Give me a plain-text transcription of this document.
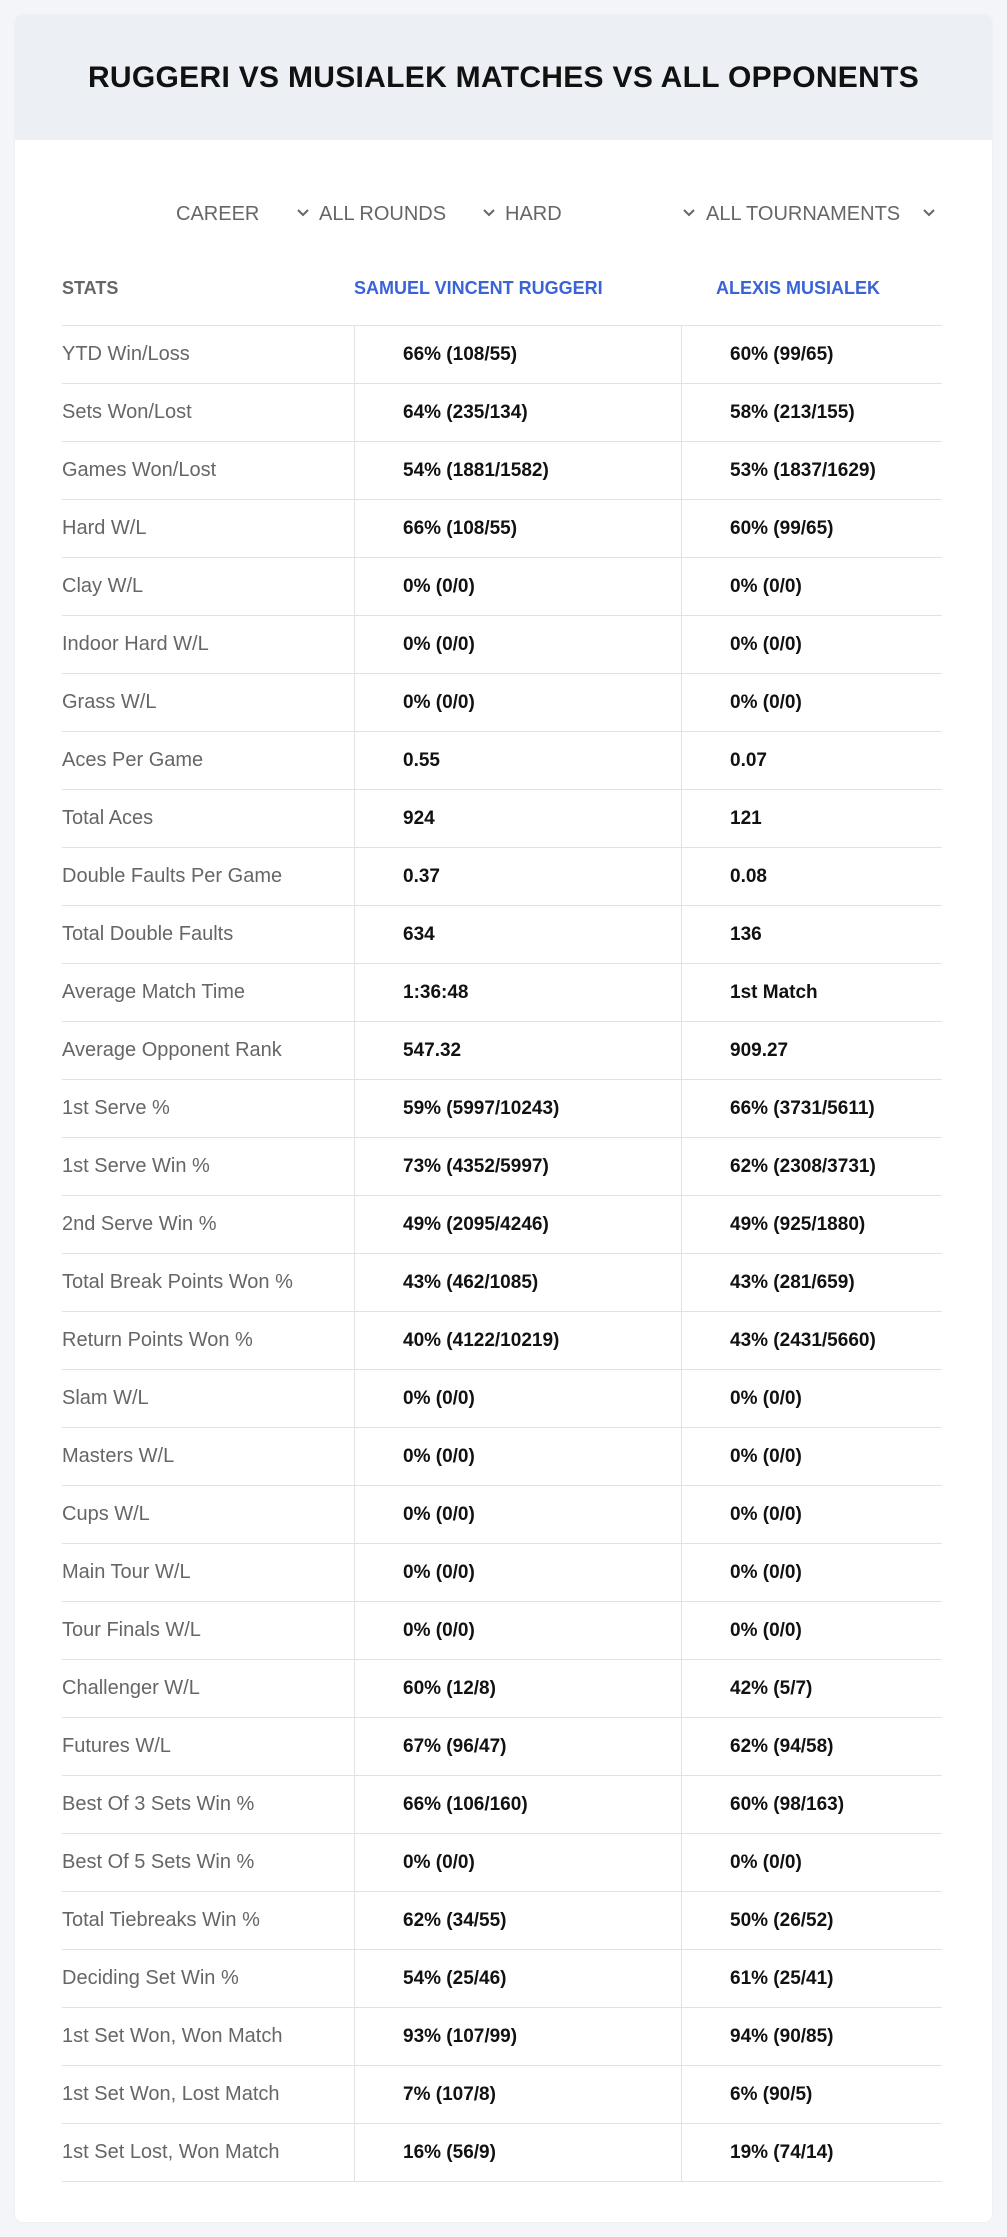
RUGGERI VS MUSIALEK MATCHES VS ALL OPPONENTS
CAREER	ALL ROUNDS	HARD	ALL TOURNAMENTS
STATS	SAMUEL VINCENT RUGGERI	ALEXIS MUSIALEK
YTD Win/Loss	66% (108/55)	60% (99/65)
Sets Won/Lost	64% (235/134)	58% (213/155)
Games Won/Lost	54% (1881/1582)	53% (1837/1629)
Hard W/L	66% (108/55)	60% (99/65)
Clay W/L	0% (0/0)	0% (0/0)
Indoor Hard W/L	0% (0/0)	0% (0/0)
Grass W/L	0% (0/0)	0% (0/0)
Aces Per Game	0.55	0.07
Total Aces	924	121
Double Faults Per Game	0.37	0.08
Total Double Faults	634	136
Average Match Time	1:36:48	1st Match
Average Opponent Rank	547.32	909.27
1st Serve %	59% (5997/10243)	66% (3731/5611)
1st Serve Win %	73% (4352/5997)	62% (2308/3731)
2nd Serve Win %	49% (2095/4246)	49% (925/1880)
Total Break Points Won %	43% (462/1085)	43% (281/659)
Return Points Won %	40% (4122/10219)	43% (2431/5660)
Slam W/L	0% (0/0)	0% (0/0)
Masters W/L	0% (0/0)	0% (0/0)
Cups W/L	0% (0/0)	0% (0/0)
Main Tour W/L	0% (0/0)	0% (0/0)
Tour Finals W/L	0% (0/0)	0% (0/0)
Challenger W/L	60% (12/8)	42% (5/7)
Futures W/L	67% (96/47)	62% (94/58)
Best Of 3 Sets Win %	66% (106/160)	60% (98/163)
Best Of 5 Sets Win %	0% (0/0)	0% (0/0)
Total Tiebreaks Win %	62% (34/55)	50% (26/52)
Deciding Set Win %	54% (25/46)	61% (25/41)
1st Set Won, Won Match	93% (107/99)	94% (90/85)
1st Set Won, Lost Match	7% (107/8)	6% (90/5)
1st Set Lost, Won Match	16% (56/9)	19% (74/14)
